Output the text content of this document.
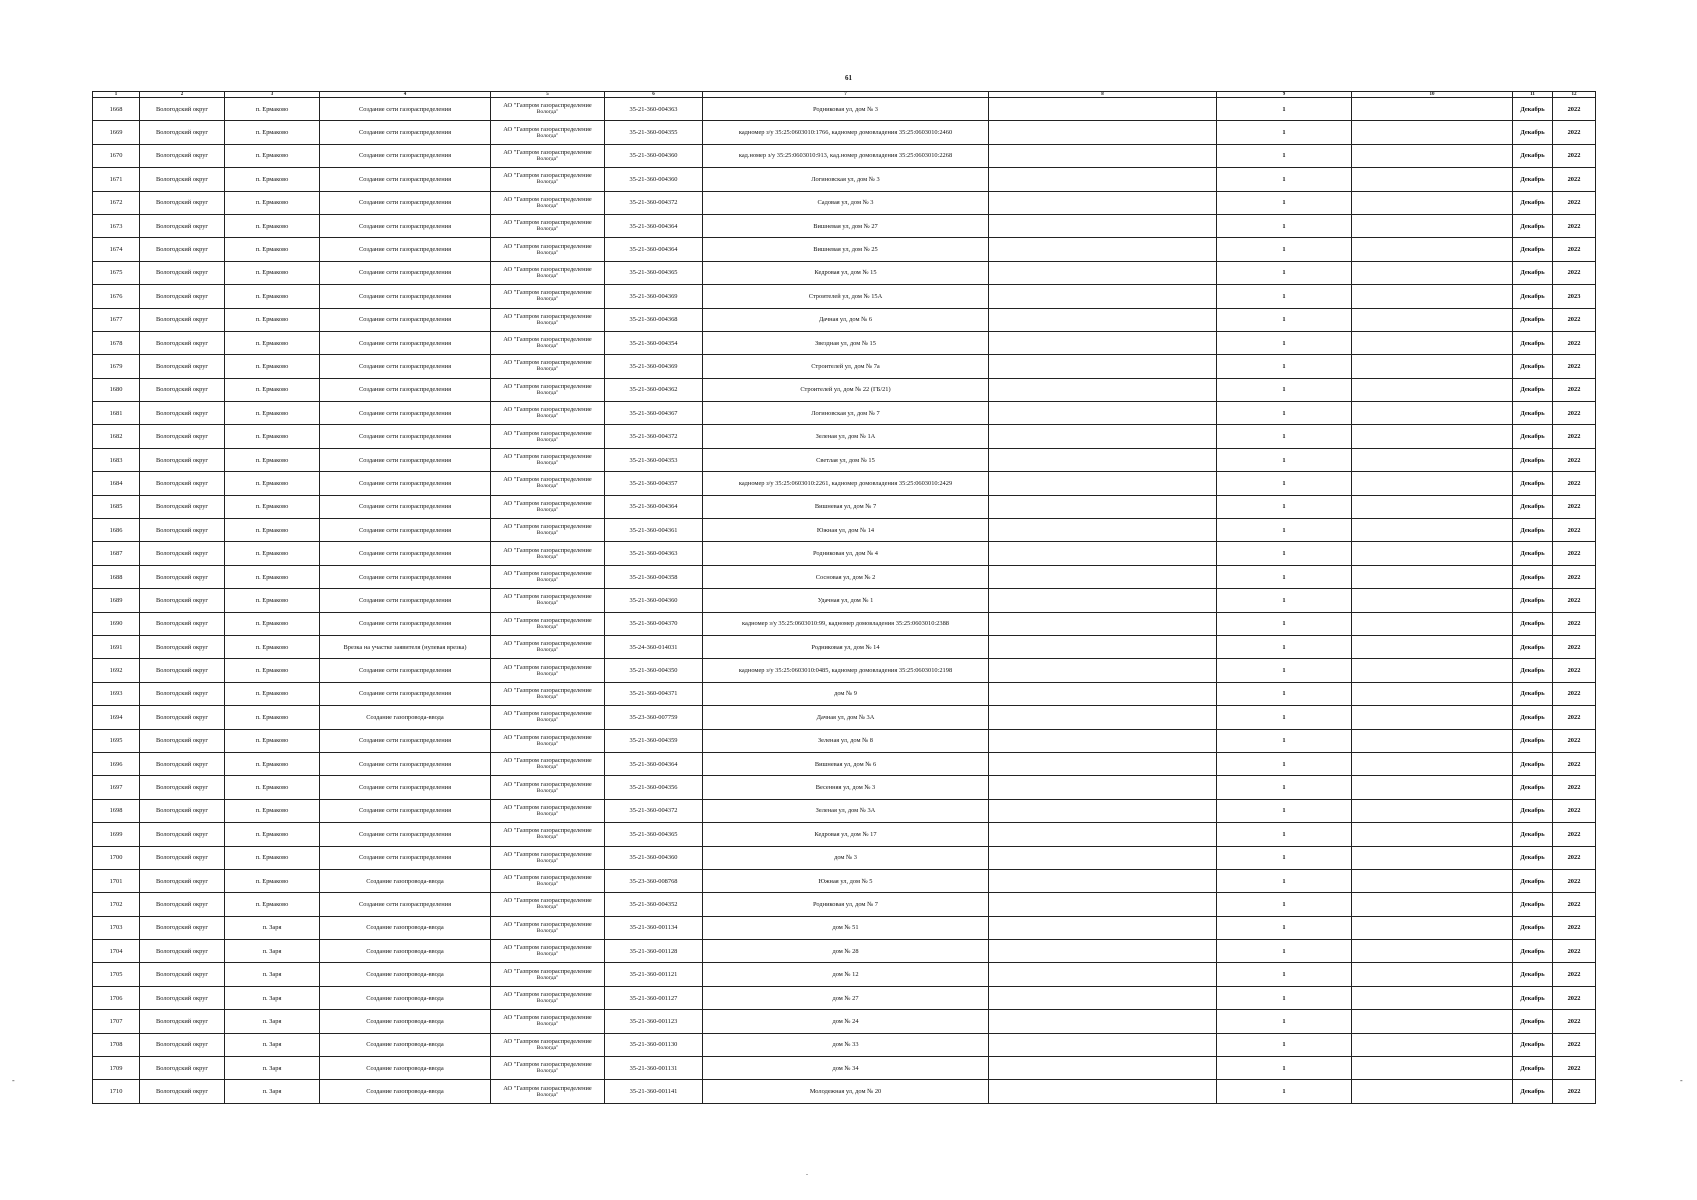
61
1	2	3	4	5	6	7	8	9	10	11	12
1668	Вологодский округ	п. Ермаково	Создание сети газораспределения	АО "Газпром газораспределение
Вологда"	35-21-360-004363	Родниковая ул, дом № 3		1		Декабрь	2022
1669	Вологодский округ	п. Ермаково	Создание сети газораспределения	АО "Газпром газораспределение
Вологда"	35-21-360-004355	кадномер з/у 35:25:0603010:1766, кадномер домовладения 35:25:0603010:2460		1		Декабрь	2022
1670	Вологодский округ	п. Ермаково	Создание сети газораспределения	АО "Газпром газораспределение
Вологда"	35-21-360-004360	кад.номер з/у 35:25:0603010:913, кад.номер домовладения 35:25:0603010:2268		1		Декабрь	2022
1671	Вологодский округ	п. Ермаково	Создание сети газораспределения	АО "Газпром газораспределение
Вологда"	35-21-360-004360	Логиновская ул, дом № 3		1		Декабрь	2022
1672	Вологодский округ	п. Ермаково	Создание сети газораспределения	АО "Газпром газораспределение
Вологда"	35-21-360-004372	Садовая ул, дом № 3		1		Декабрь	2022
1673	Вологодский округ	п. Ермаково	Создание сети газораспределения	АО "Газпром газораспределение
Вологда"	35-21-360-004364	Вишневая ул, дом № 27		1		Декабрь	2022
1674	Вологодский округ	п. Ермаково	Создание сети газораспределения	АО "Газпром газораспределение
Вологда"	35-21-360-004364	Вишневая ул, дом № 25		1		Декабрь	2022
1675	Вологодский округ	п. Ермаково	Создание сети газораспределения	АО "Газпром газораспределение
Вологда"	35-21-360-004365	Кедровая ул, дом № 15		1		Декабрь	2022
1676	Вологодский округ	п. Ермаково	Создание сети газораспределения	АО "Газпром газораспределение
Вологда"	35-21-360-004369	Строителей ул, дом № 15А		1		Декабрь	2023
1677	Вологодский округ	п. Ермаково	Создание сети газораспределения	АО "Газпром газораспределение
Вологда"	35-21-360-004368	Дачная ул, дом № 6		1		Декабрь	2022
1678	Вологодский округ	п. Ермаково	Создание сети газораспределения	АО "Газпром газораспределение
Вологда"	35-21-360-004354	Звездная ул, дом № 15		1		Декабрь	2022
1679	Вологодский округ	п. Ермаково	Создание сети газораспределения	АО "Газпром газораспределение
Вологда"	35-21-360-004369	Строителей ул, дом № 7а		1		Декабрь	2022
1680	Вологодский округ	п. Ермаково	Создание сети газораспределения	АО "Газпром газораспределение
Вологда"	35-21-360-004362	Строителей ул, дом № 22 (ГБ/21)		1		Декабрь	2022
1681	Вологодский округ	п. Ермаково	Создание сети газораспределения	АО "Газпром газораспределение
Вологда"	35-21-360-004367	Логиновская ул, дом № 7		1		Декабрь	2022
1682	Вологодский округ	п. Ермаково	Создание сети газораспределения	АО "Газпром газораспределение
Вологда"	35-21-360-004372	Зеленая ул, дом № 1А		1		Декабрь	2022
1683	Вологодский округ	п. Ермаково	Создание сети газораспределения	АО "Газпром газораспределение
Вологда"	35-21-360-004353	Светлая ул, дом № 15		1		Декабрь	2022
1684	Вологодский округ	п. Ермаково	Создание сети газораспределения	АО "Газпром газораспределение
Вологда"	35-21-360-004357	кадномер з/у 35:25:0603010:2261, кадномер домовладения 35:25:0603010:2429		1		Декабрь	2022
1685	Вологодский округ	п. Ермаково	Создание сети газораспределения	АО "Газпром газораспределение
Вологда"	35-21-360-004364	Вишневая ул, дом № 7		1		Декабрь	2022
1686	Вологодский округ	п. Ермаково	Создание сети газораспределения	АО "Газпром газораспределение
Вологда"	35-21-360-004361	Южная ул, дом № 14		1		Декабрь	2022
1687	Вологодский округ	п. Ермаково	Создание сети газораспределения	АО "Газпром газораспределение
Вологда"	35-21-360-004363	Родниковая ул, дом № 4		1		Декабрь	2022
1688	Вологодский округ	п. Ермаково	Создание сети газораспределения	АО "Газпром газораспределение
Вологда"	35-21-360-004358	Сосновая ул, дом № 2		1		Декабрь	2022
1689	Вологодский округ	п. Ермаково	Создание сети газораспределения	АО "Газпром газораспределение
Вологда"	35-21-360-004360	Удачная ул, дом № 1		1		Декабрь	2022
1690	Вологодский округ	п. Ермаково	Создание сети газораспределения	АО "Газпром газораспределение
Вологда"	35-21-360-004370	кадномер з/у 35:25:0603010:99, кадномер домовладения 35:25:0603010:2388		1		Декабрь	2022
1691	Вологодский округ	п. Ермаково	Врезка на участке заявителя (нулевая врезка)	АО "Газпром газораспределение
Вологда"	35-24-360-014031	Родниковая ул, дом № 14		1		Декабрь	2022
1692	Вологодский округ	п. Ермаково	Создание сети газораспределения	АО "Газпром газораспределение
Вологда"	35-21-360-004350	кадномер з/у 35:25:0603010:0485, кадномер домовладения 35:25:0603010:2198		1		Декабрь	2022
1693	Вологодский округ	п. Ермаково	Создание сети газораспределения	АО "Газпром газораспределение
Вологда"	35-21-360-004371	дом № 9		1		Декабрь	2022
1694	Вологодский округ	п. Ермаково	Создание газопровода-ввода	АО "Газпром газораспределение
Вологда"	35-23-360-007759	Дачная ул, дом № 3А		1		Декабрь	2022
1695	Вологодский округ	п. Ермаково	Создание сети газораспределения	АО "Газпром газораспределение
Вологда"	35-21-360-004359	Зеленая ул, дом № 8		1		Декабрь	2022
1696	Вологодский округ	п. Ермаково	Создание сети газораспределения	АО "Газпром газораспределение
Вологда"	35-21-360-004364	Вишневая ул, дом № 6		1		Декабрь	2022
1697	Вологодский округ	п. Ермаково	Создание сети газораспределения	АО "Газпром газораспределение
Вологда"	35-21-360-004356	Весенняя ул, дом № 3		1		Декабрь	2022
1698	Вологодский округ	п. Ермаково	Создание сети газораспределения	АО "Газпром газораспределение
Вологда"	35-21-360-004372	Зеленая ул, дом № 3А		1		Декабрь	2022
1699	Вологодский округ	п. Ермаково	Создание сети газораспределения	АО "Газпром газораспределение
Вологда"	35-21-360-004365	Кедровая ул, дом № 17		1		Декабрь	2022
1700	Вологодский округ	п. Ермаково	Создание сети газораспределения	АО "Газпром газораспределение
Вологда"	35-21-360-004360	дом № 3		1		Декабрь	2022
1701	Вологодский округ	п. Ермаково	Создание газопровода-ввода	АО "Газпром газораспределение
Вологда"	35-23-360-008768	Южная ул, дом № 5		1		Декабрь	2022
1702	Вологодский округ	п. Ермаково	Создание сети газораспределения	АО "Газпром газораспределение
Вологда"	35-21-360-004352	Родниковая ул, дом № 7		1		Декабрь	2022
1703	Вологодский округ	п. Заря	Создание газопровода-ввода	АО "Газпром газораспределение
Вологда"	35-21-360-001134	дом № 51		1		Декабрь	2022
1704	Вологодский округ	п. Заря	Создание газопровода-ввода	АО "Газпром газораспределение
Вологда"	35-21-360-001128	дом № 28		1		Декабрь	2022
1705	Вологодский округ	п. Заря	Создание газопровода-ввода	АО "Газпром газораспределение
Вологда"	35-21-360-001121	дом № 12		1		Декабрь	2022
1706	Вологодский округ	п. Заря	Создание газопровода-ввода	АО "Газпром газораспределение
Вологда"	35-21-360-001127	дом № 27		1		Декабрь	2022
1707	Вологодский округ	п. Заря	Создание газопровода-ввода	АО "Газпром газораспределение
Вологда"	35-21-360-001123	дом № 24		1		Декабрь	2022
1708	Вологодский округ	п. Заря	Создание газопровода-ввода	АО "Газпром газораспределение
Вологда"	35-21-360-001130	дом № 33		1		Декабрь	2022
1709	Вологодский округ	п. Заря	Создание газопровода-ввода	АО "Газпром газораспределение
Вологда"	35-21-360-001131	дом № 34		1		Декабрь	2022
1710	Вологодский округ	п. Заря	Создание газопровода-ввода	АО "Газпром газораспределение
Вологда"	35-21-360-001141	Молодежная ул, дом № 20		1		Декабрь	2022
-
.
-
